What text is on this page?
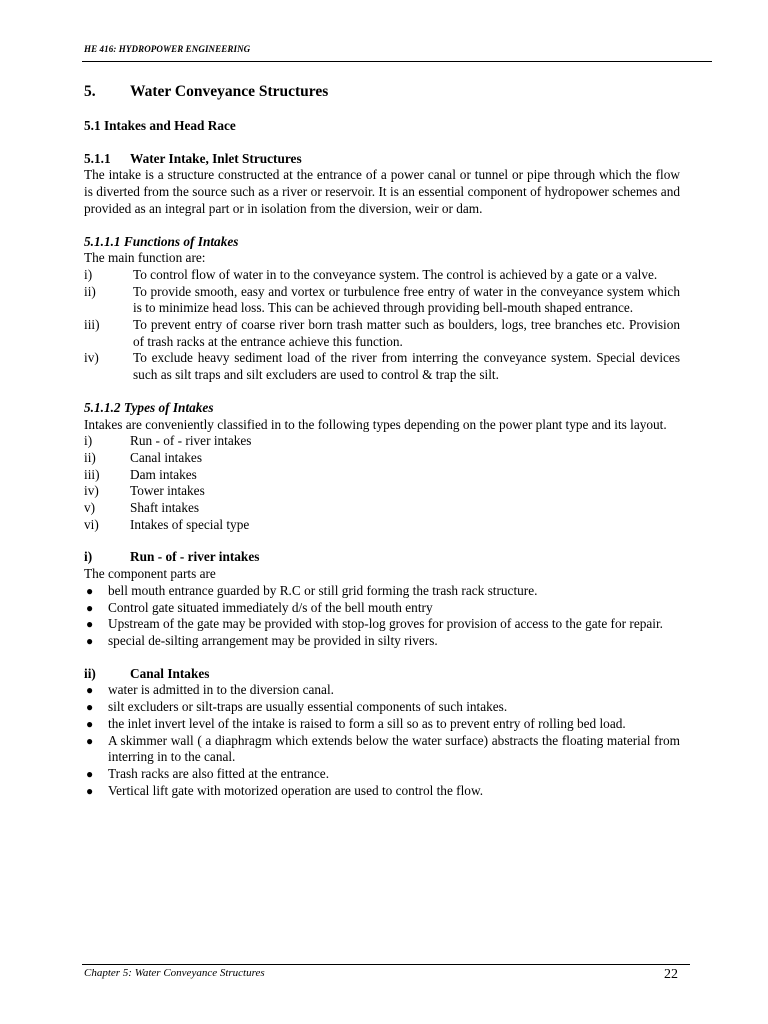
HE 416: HYDROPOWER ENGINEERING
5. Water Conveyance Structures
5.1 Intakes and Head Race
5.1.1 Water Intake, Inlet Structures

The intake is a structure constructed at the entrance of a power canal or tunnel or pipe through which the flow is diverted from the source such as a river or reservoir. It is an essential component of hydropower schemes and provided as an integral part or in isolation from the diversion, weir or dam.

5.1.1.1 Functions of Intakes

The main function are:

i)	To control flow of water in to the conveyance system. The control is achieved by a gate or a valve.
ii)	To provide smooth, easy and vortex or turbulence free entry of water in the conveyance system which is to minimize head loss. This can be achieved through providing bell-mouth shaped entrance.
iii)	To prevent entry of coarse river born trash matter such as boulders, logs, tree branches etc. Provision of trash racks at the entrance achieve this function.
iv)	To exclude heavy sediment load of the river from interring the conveyance system. Special devices such as silt traps and silt excluders are used to control & trap the silt.
5.1.1.2 Types of Intakes

Intakes are conveniently classified in to the following types depending on the power plant type and its layout.

i)	Run - of - river intakes
ii)	Canal intakes
iii) Dam intakes
iv) Tower intakes
v)	Shaft intakes
vi) Intakes of special type
i)	Run - of - river intakes

The component parts are

● bell mouth entrance guarded by R.C or still grid forming the trash rack structure.
● Control gate situated immediately d/s of the bell mouth entry
● Upstream of the gate may be provided with stop-log groves for provision of access to the gate for repair.
● special de-silting arrangement may be provided in silty rivers.
ii)	Canal Intakes
● water is admitted in to the diversion canal.
● silt excluders or silt-traps are usually essential components of such intakes.
● the inlet invert level of the intake is raised to form a sill so as to prevent entry of rolling bed load.
● A skimmer wall ( a diaphragm which extends below the water surface) abstracts the floating material from interring in to the canal.
● Trash racks are also fitted at the entrance.
● Vertical lift gate with motorized operation are used to control the flow.
Chapter 5: Water Conveyance Structures	22
